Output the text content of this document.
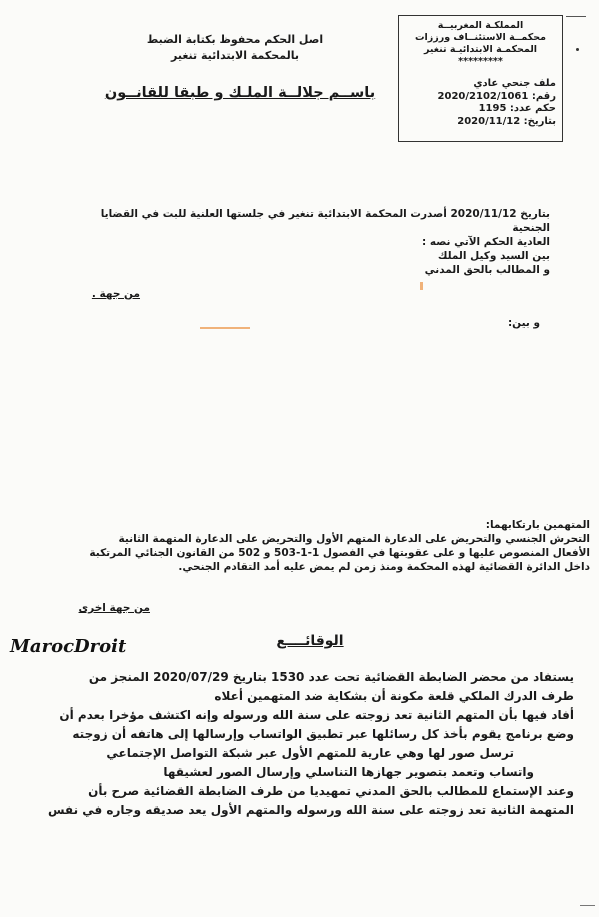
المملكـة المغربيــة
محكمــة الاستئنــاف ورززات
المحكمـة الابتدائيـة تنغير
*********
ملف جنحي عادي
رقم: 2020/2102/1061
حكم عدد: 1195
بتاريخ: 2020/11/12
اصل الحكم محفوظ بكتابة الضبط
بالمحكمة الابتدائية تنغير
باســم جلالــة الملـك و طبقا للقانــون
بتاريخ 2020/11/12 أصدرت المحكمة الابتدائية تنغير في جلستها العلنية للبت في القضايا الجنحية
العادية الحكم الآتي نصه :
بين السيد وكيل الملك
و المطالب بالحق المدني
من جهة .
و بين:
المتهمين بارتكابهما:
التحرش الجنسي والتحريض على الدعارة المتهم الأول والتحريض على الدعارة المتهمة الثانية
الأفعال المنصوص عليها و على عقوبتها في الفصول 1-1-503 و 502 من القانون الجنائي المرتكبة
داخل الدائرة القضائية لهذه المحكمة ومنذ زمن لم يمض عليه أمد التقادم الجنحي.
من جهة اخرى
MarocDroit	الوقائــــع
يستفاد من محضر الضابطة القضائية تحت عدد 1530 بتاريخ 2020/07/29 المنجز من
طرف الدرك الملكي قلعة مكونة أن بشكاية ضد المتهمين أعلاه
أفاد فيها بأن المتهم الثانية تعد زوجته على سنة الله ورسوله وإنه اكتشف مؤخرا بعدم أن
وضع برنامج يقوم بأخذ كل رسائلها عبر تطبيق الواتساب وإرسالها إلى هاتفه أن زوجته
ترسل صور لها وهي عارية للمتهم الأول عبر شبكة التواصل الإجتماعي
واتساب وتعمد بتصوير جهازها التناسلي وإرسال الصور لعشيقها
وعند الإستماع للمطالب بالحق المدني تمهيديا من طرف الضابطة القضائية صرح بأن
المتهمة الثانية تعد زوجته على سنة الله ورسوله والمتهم الأول يعد صديقه وجاره في نفس
